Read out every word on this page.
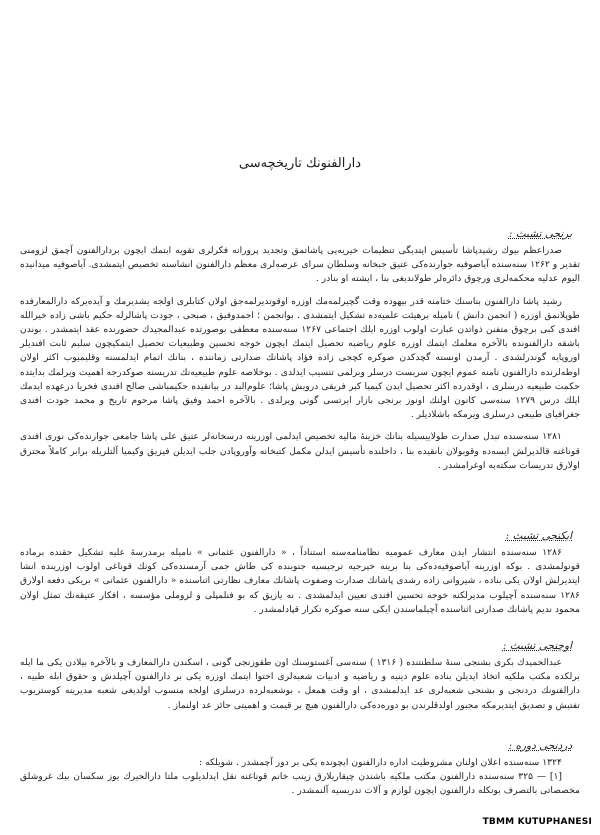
دارالفنونك تاريخچه‌سى
برنجی تشبث :

صدراعظم بیوك رشیدپاشا تأسیس ایتدیگی تنظیمات خیریه‌یی پاشاتمق وتجدید پرورانه فكرلری تقویه ایتمك ایچون بردارالفنون آچمق لزومنی تقدیر و ۱۲۶۲ سنه‌سنده آیاصوفیه جوارنده‌كی عتیق جبخانه وسلطان سرای عرصه‌لری معظم دارالفنون انشاسنه تخصیص ایتمشدی. آیاصوفیه میدانیده الیوم عدلیه محكمه‌لری ورچوق دائره‌لر طولاندیغی بنا ، ایشته او بنادر .

رشید پاشا دارالفنون بناسنك ختامنه قدر بیهوده وقت گچیرلمه‌مك اوزره اوقوتدیرلمه‌جق اولان كتابلری اولجه یشدیرمك و آیده‌یركه دارالمعارفده طوپلانمق اوزره ( انجمن دانش ) نامیله برهیئت علمیه‌ده تشكیل ایتمشدی . بوانجمن ؛ احمدوفیق ، صبحی ، جودت پاشالرله حكیم باشی زاده خیرالله افندی كبی برچوق متفنن ذواتدن عبارت اولوب اوزره ایلك اجتماعی ۱۲۶۷ سنه‌سنده معطفی بوصورتده عبدالمجیدك حضورنده عقد ایتمشدر . بوندن باشقه دارالفنونده بالآخره معلمك ایتمك اوزره علوم ریاضیه تحصیل ایتمك ایچون خوجه تحسین وطبیعیات تحصیل ایتمكیچون سلیم ثابت افندیلر اوروپایه گوندرلشدی . آرمدن اونسنه گچدكدن صوكره كچجی زاده فؤاد پاشانك صدارتی زماننده ، بنانك اتمام ایدلمسنه وقلیمیوب اكثر اولان اوطه‌لرنده دارالفنون نامنه عموم ایچون سربست درسلر وبرلمی تنسیب ایدلدی . بوخلاصه علوم طبیعیه‌نك تدریسنه صوكدرجه اهمیت ویرلمك بدایتده حكمت طبیعیه درسلری ، اوقدرده اكثر تحصیل ایدن كیمیا كبر فریقی درویش پاشا؛ علوم‌البد در بیانقیده حكیمباشی صالح افندی فخریا درعهده ایدمك ایلك درس ۱۲۷۹ سنه‌سی كانون اولنك اونوز برنجی بازار ایرتسی گونی ویرلدی . بالآخره احمد وفیق پاشا مرحوم تاریخ و محمد جودت افندی جغرافیای طبیعی درسلری ویرمكه باشلادیلر .

۱۲۸۱ سنه‌سنده تبدل صدارت طولاییسیله بنانك خزینهٔ مالیه تخصیص ایدلمی اوزرینه درسخانه‌لر عتیق علی پاشا جامعی جوارنده‌كی نوری افندی قوناغنه قالدیرلش ایسه‌ده وقوبولان بانقیده بنا ، داخلنده تأسیس ایدلن مكمل كتبخانه وآوروپادن جلب ایدیلن فیزیق وكیمیا آلتلریله برابر كاملاً محترق اولارق تدریسات سكته‌یه اوغرامشدر .

ایكنجی تشبث :

۱۲۸۶ سنه‌سنده انتشار ایدن معارف عمومیه نظامنامه‌سنه استناداً ، « دارالفنون عثمانی » نامیله برمدرسهٔ علیه تشكیل حقنده برماده قونولمشدی . بوكه اوزرینه آیاصوفیه‌ده‌كی بنا برینه خیرجیه ترجیسیه جنوبنده كی طاش جمی آرمسنده‌كی كونك قوناغی اولوب اوزرینده انشا ایتدیرلش اولان یكی بناده ، شیروانی زاده رشدی پاشانك صدارت وصفوت پاشانك معارف نظارتی اثناسنده « دارالفنون عثمانی » بریكی دفعه اولارق ۱۲۸۶ سنه‌سنده آچیلوب مدیرلكنه خوجه تحسین افندی تعیین ایدلمشدی . نه یازیق كه بو فنلمپلی و لزوملی مؤسسه ، افكار عتیقه‌نك تمثل اولان محمود ندیم پاشانك صدارتی اثناسنده آچیلماسندن ایكی سنه صوكره تكرار قپادلمشدر .

اوچنجی تشبث :

عبدالحمیدك بكری بشنجی سنهٔ سلطنتنده ( ۱۳۱۶ ) سنه‌سی آغستوسنك اون طقوزنجی گونی ، اسكندن دارالمعارف و بالآخره بیلادن یكی ما ایله برلكده مكتب ملكیه اتخاذ ایدیلن بناده علوم دینیه و ریاضیه و ادبیات شعبه‌لری احتوا ایتمك اوزره یكی بر دارالفنون آچیلدش و حقوق ابله طبیه ، دارالفنونك دردنجی و بشنجی شعبه‌لری عد ایدلمشدی ، او وقت همعل ، بوشعبه‌لرده درسلری اولجه منسوب اولدیغی شعبه مدیرینه كوستریوب تفتیش و تصدیق ایتدیرمكه مجبور اولدقلرندن بو دوره‌ده‌كی دارالفنون هیچ بر قیمت و اهمیتی حائز عد اولنماز .

دردنجی دوره :

۱۳۲۴ سنه‌سنده اعلان اولنان مشروطیت اداره دارالفنون ایچونده یكی بر دور آچمشدر . شویلكه :

[۱] — ۳۲۵ سنه‌سنده دارالفنون مكتب ملكیه باشندن چیقاریلارق زینب خانم قوناغنه نقل ایدلدیلوب ملتا دارالحیرك یوز سكسان بیك غروشلق مخصصاتی بالتصرف بونكله دارالفنون ایچون لوازم و آلات تدریسیه آلنمشدر .

TBMM KUTUPHANESI
